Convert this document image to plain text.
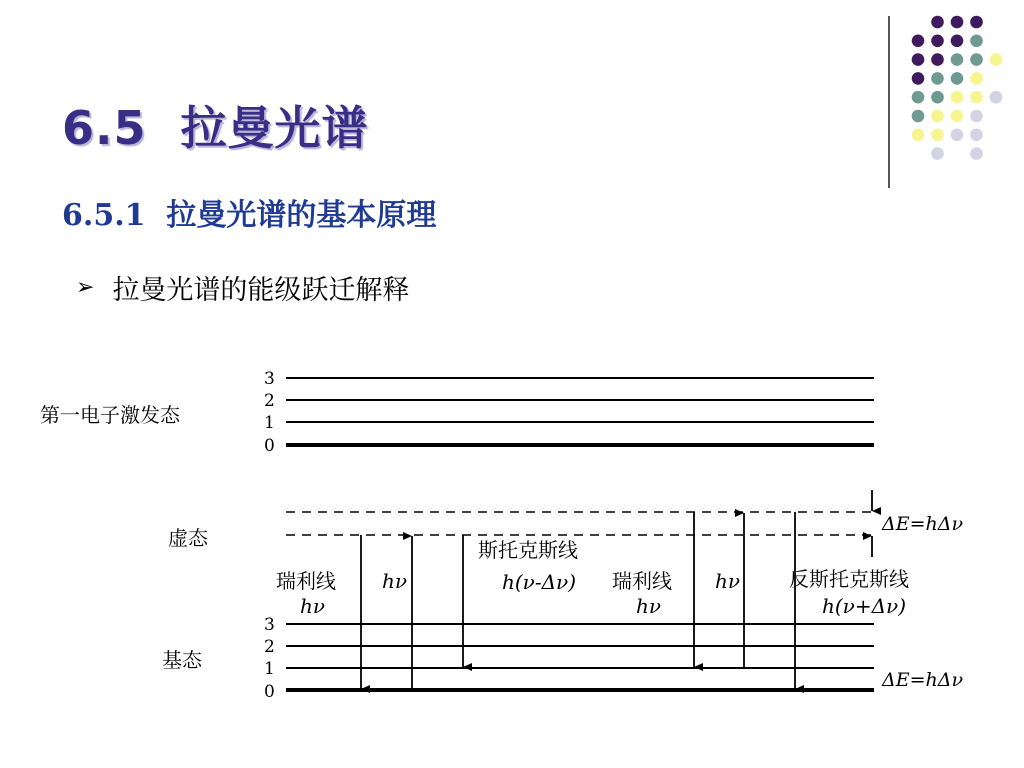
6.5  拉曼光谱
6.5.1  拉曼光谱的基本原理
➢ 拉曼光谱的能级跃迁解释
3
2
1
0
第一电子激发态
虚态
3
2
1
0
基态
瑞利线
hν
hν
斯托克斯线
h(ν-Δν) 瑞利线
hν
hν 反斯托克斯线
h(ν+Δν)
ΔE=hΔν
ΔE=hΔν
